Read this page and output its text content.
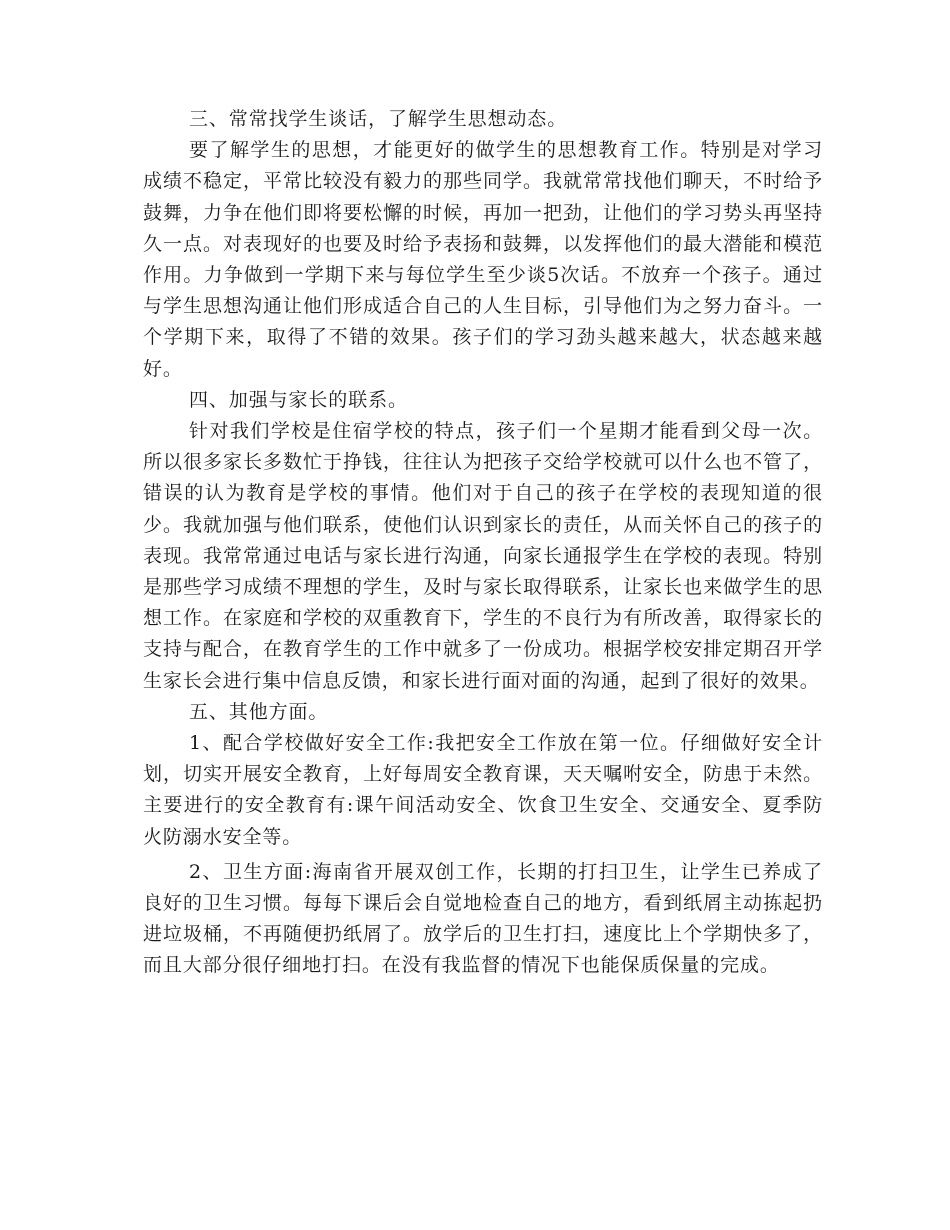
三、常常找学生谈话，了解学生思想动态。

要了解学生的思想，才能更好的做学生的思想教育工作。特别是对学习成绩不稳定，平常比较没有毅力的那些同学。我就常常找他们聊天，不时给予鼓舞，力争在他们即将要松懈的时候，再加一把劲，让他们的学习势头再坚持久一点。对表现好的也要及时给予表扬和鼓舞，以发挥他们的最大潜能和模范作用。力争做到一学期下来与每位学生至少谈5次话。不放弃一个孩子。通过与学生思想沟通让他们形成适合自己的人生目标，引导他们为之努力奋斗。一个学期下来，取得了不错的效果。孩子们的学习劲头越来越大，状态越来越好。

四、加强与家长的联系。

针对我们学校是住宿学校的特点，孩子们一个星期才能看到父母一次。所以很多家长多数忙于挣钱，往往认为把孩子交给学校就可以什么也不管了，错误的认为教育是学校的事情。他们对于自己的孩子在学校的表现知道的很少。我就加强与他们联系，使他们认识到家长的责任，从而关怀自己的孩子的表现。我常常通过电话与家长进行沟通，向家长通报学生在学校的表现。特别是那些学习成绩不理想的学生，及时与家长取得联系，让家长也来做学生的思想工作。在家庭和学校的双重教育下，学生的不良行为有所改善，取得家长的支持与配合，在教育学生的工作中就多了一份成功。根据学校安排定期召开学生家长会进行集中信息反馈，和家长进行面对面的沟通，起到了很好的效果。

五、其他方面。

1、配合学校做好安全工作:我把安全工作放在第一位。仔细做好安全计划，切实开展安全教育，上好每周安全教育课，天天嘱咐安全，防患于未然。主要进行的安全教育有:课午间活动安全、饮食卫生安全、交通安全、夏季防火防溺水安全等。

2、卫生方面:海南省开展双创工作，长期的打扫卫生，让学生已养成了良好的卫生习惯。每每下课后会自觉地检查自己的地方，看到纸屑主动拣起扔进垃圾桶，不再随便扔纸屑了。放学后的卫生打扫，速度比上个学期快多了，而且大部分很仔细地打扫。在没有我监督的情况下也能保质保量的完成。
